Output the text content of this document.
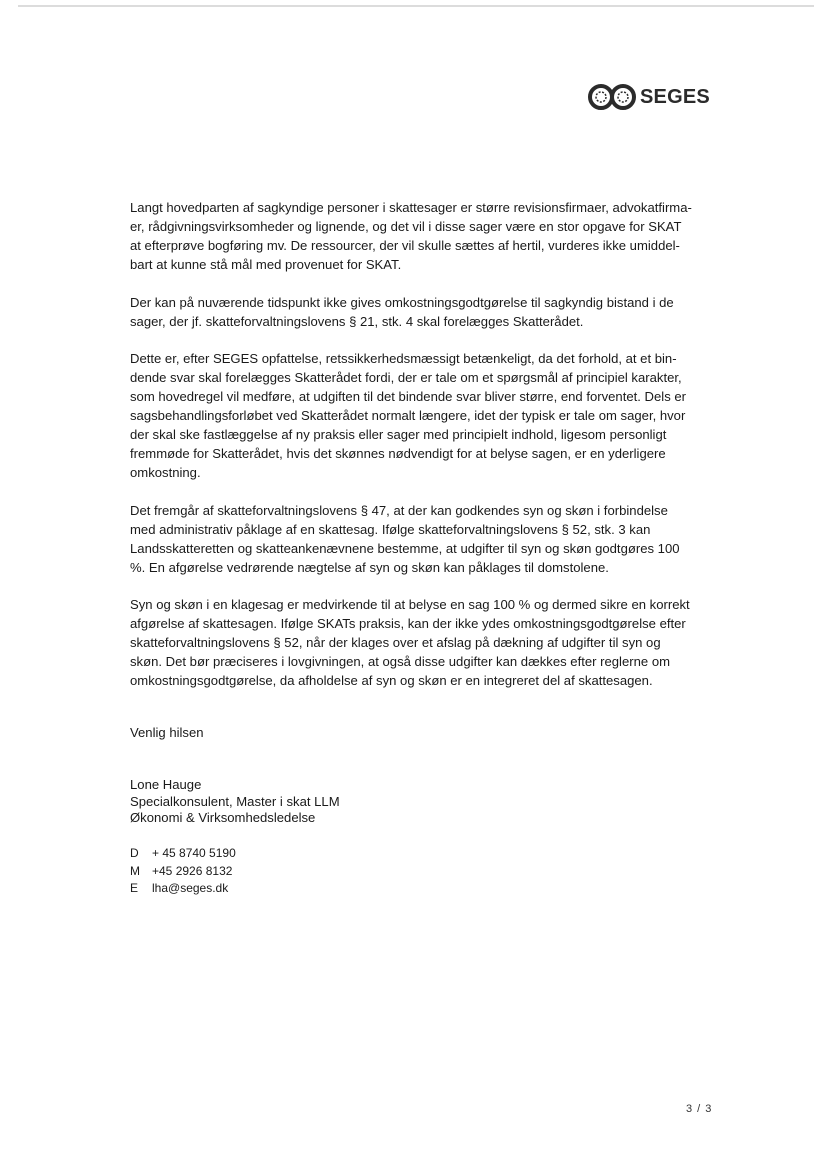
SEGES

Langt hovedparten af sagkyndige personer i skattesager er større revisionsfirmaer, advokatfirma-
er, rådgivningsvirksomheder og lignende, og det vil i disse sager være en stor opgave for SKAT
at efterprøve bogføring mv. De ressourcer, der vil skulle sættes af hertil, vurderes ikke umiddel-
bart at kunne stå mål med provenuet for SKAT.

Der kan på nuværende tidspunkt ikke gives omkostningsgodtgørelse til sagkyndig bistand i de
sager, der jf. skatteforvaltningslovens § 21, stk. 4 skal forelægges Skatterådet.

Dette er, efter SEGES opfattelse, retssikkerhedsmæssigt betænkeligt, da det forhold, at et bin-
dende svar skal forelægges Skatterådet fordi, der er tale om et spørgsmål af principiel karakter,
som hovedregel vil medføre, at udgiften til det bindende svar bliver større, end forventet. Dels er
sagsbehandlingsforløbet ved Skatterådet normalt længere, idet der typisk er tale om sager, hvor
der skal ske fastlæggelse af ny praksis eller sager med principielt indhold, ligesom personligt
fremmøde for Skatterådet, hvis det skønnes nødvendigt for at belyse sagen, er en yderligere
omkostning.

Det fremgår af skatteforvaltningslovens § 47, at der kan godkendes syn og skøn i forbindelse
med administrativ påklage af en skattesag. Ifølge skatteforvaltningslovens § 52, stk. 3 kan
Landsskatteretten og skatteankenævnene bestemme, at udgifter til syn og skøn godtgøres 100
%. En afgørelse vedrørende nægtelse af syn og skøn kan påklages til domstolene.

Syn og skøn i en klagesag er medvirkende til at belyse en sag 100 % og dermed sikre en korrekt
afgørelse af skattesagen. Ifølge SKATs praksis, kan der ikke ydes omkostningsgodtgørelse efter
skatteforvaltningslovens § 52, når der klages over et afslag på dækning af udgifter til syn og
skøn. Det bør præciseres i lovgivningen, at også disse udgifter kan dækkes efter reglerne om
omkostningsgodtgørelse, da afholdelse af syn og skøn er en integreret del af skattesagen.

Venlig hilsen
Lone Hauge
Specialkonsulent, Master i skat LLM
Økonomi & Virksomhedsledelse
D	+ 45 8740 5190
M	+45 2926 8132
E	lha@seges.dk
3 / 3
